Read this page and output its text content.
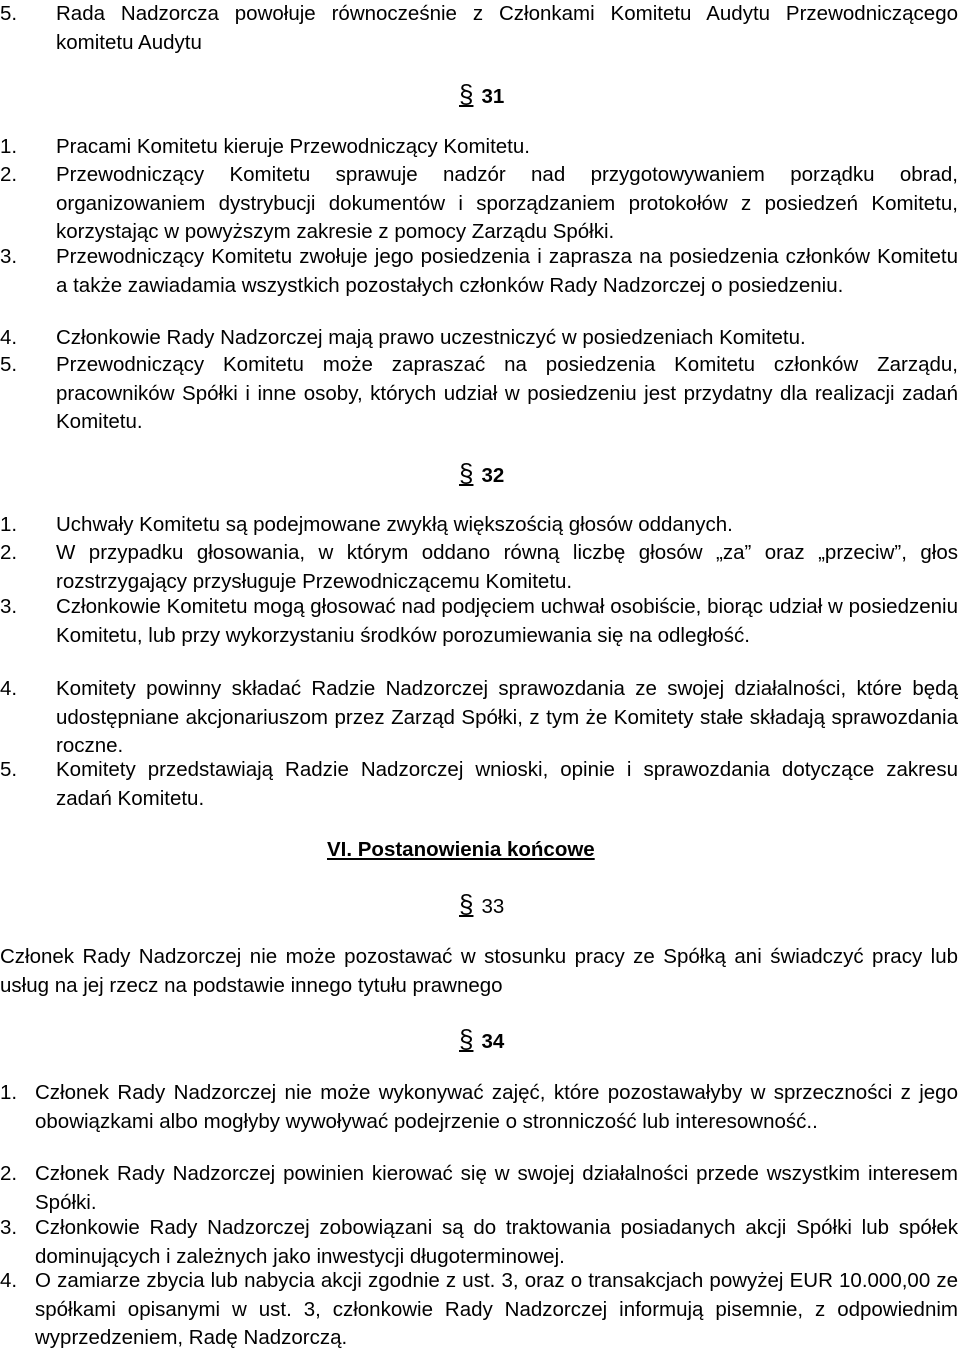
5.	Rada Nadzorcza powołuje równocześnie z Członkami Komitetu Audytu Przewodniczącego komitetu Audytu
§ 31
1.	Pracami Komitetu kieruje Przewodniczący Komitetu.
2.	Przewodniczący Komitetu sprawuje nadzór nad przygotowywaniem porządku obrad, organizowaniem dystrybucji dokumentów i sporządzaniem protokołów z posiedzeń Komitetu, korzystając w powyższym zakresie z pomocy Zarządu Spółki.
3.	Przewodniczący Komitetu zwołuje jego posiedzenia i zaprasza na posiedzenia członków Komitetu a także zawiadamia wszystkich pozostałych członków Rady Nadzorczej o posiedzeniu.
4.	Członkowie Rady Nadzorczej mają prawo uczestniczyć w posiedzeniach Komitetu.
5.	Przewodniczący Komitetu może zapraszać na posiedzenia Komitetu członków Zarządu, pracowników Spółki i inne osoby, których udział w posiedzeniu jest przydatny dla realizacji zadań Komitetu.
§ 32
1.	Uchwały Komitetu są podejmowane zwykłą większością głosów oddanych.
2.	W przypadku głosowania, w którym oddano równą liczbę głosów „za” oraz „przeciw”, głos rozstrzygający przysługuje Przewodniczącemu Komitetu.
3.	Członkowie Komitetu mogą głosować nad podjęciem uchwał osobiście, biorąc udział w posiedzeniu Komitetu, lub przy wykorzystaniu środków porozumiewania się na odległość.
4.	Komitety powinny składać Radzie Nadzorczej sprawozdania ze swojej działalności, które będą udostępniane akcjonariuszom przez Zarząd Spółki, z tym że Komitety stałe składają sprawozdania roczne.
5.	Komitety przedstawiają Radzie Nadzorczej wnioski, opinie i sprawozdania dotyczące zakresu zadań Komitetu.
VI. Postanowienia końcowe
§ 33
Członek Rady Nadzorczej nie może pozostawać w stosunku pracy ze Spółką ani świadczyć pracy lub usług na jej rzecz na podstawie innego tytułu prawnego
§ 34
1. Członek Rady Nadzorczej nie może wykonywać zajęć, które pozostawałyby w sprzeczności z jego obowiązkami albo mogłyby wywoływać podejrzenie o stronniczość lub interesowność..
2. Członek Rady Nadzorczej powinien kierować się w swojej działalności przede wszystkim interesem Spółki.
3. Członkowie Rady Nadzorczej zobowiązani są do traktowania posiadanych akcji Spółki lub spółek dominujących i zależnych jako inwestycji długoterminowej.
4. O zamiarze zbycia lub nabycia akcji zgodnie z ust. 3, oraz o transakcjach powyżej EUR 10.000,00 ze spółkami opisanymi w ust. 3, członkowie Rady Nadzorczej informują pisemnie, z odpowiednim wyprzedzeniem, Radę Nadzorczą.
